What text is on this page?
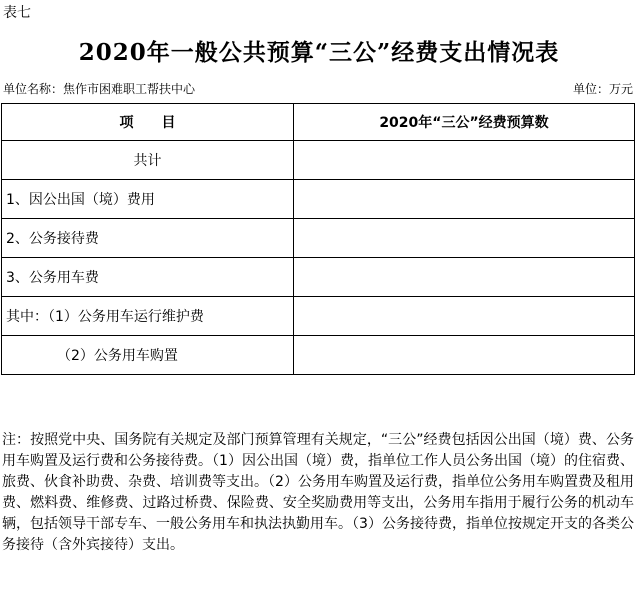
表七
2020年一般公共预算“三公”经费支出情况表
单位名称：焦作市困难职工帮扶中心	单位：万元
项　　目	2020年“三公”经费预算数
共计	
1、因公出国（境）费用	
2、公务接待费	
3、公务用车费	
其中：（1）公务用车运行维护费	
（2）公务用车购置	
注：按照党中央、国务院有关规定及部门预算管理有关规定，“三公”经费包括因公出国（境）费、公务用车购置及运行费和公务接待费。（1）因公出国（境）费，指单位工作人员公务出国（境）的住宿费、旅费、伙食补助费、杂费、培训费等支出。（2）公务用车购置及运行费，指单位公务用车购置费及租用费、燃料费、维修费、过路过桥费、保险费、安全奖励费用等支出，公务用车指用于履行公务的机动车辆，包括领导干部专车、一般公务用车和执法执勤用车。（3）公务接待费，指单位按规定开支的各类公务接待（含外宾接待）支出。
